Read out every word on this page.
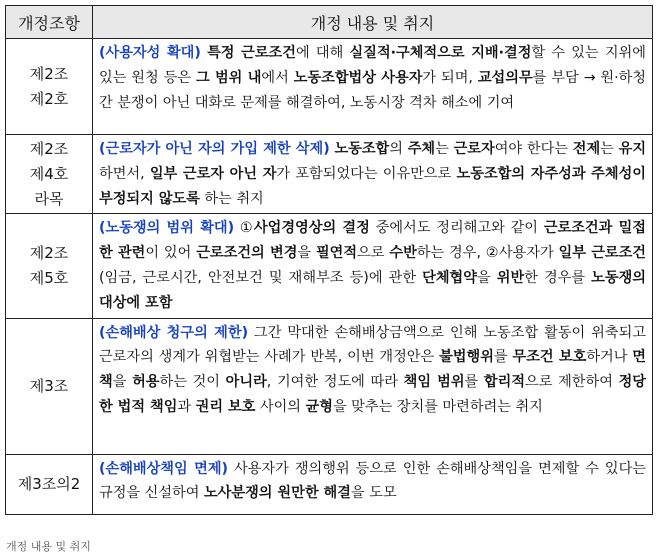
개정조항	개정 내용 및 취지

제2조
제2호	(사용자성 확대) 특정 근로조건에 대해 실질적·구체적으로 지배·결정할 수 있는 지위에 있는 원청 등은 그 범위 내에서 노동조합법상 사용자가 되며, 교섭의무를 부담 → 원·하청 간 분쟁이 아닌 대화로 문제를 해결하여, 노동시장 격차 해소에 기여

제2조
제4호
라목	(근로자가 아닌 자의 가입 제한 삭제) 노동조합의 주체는 근로자여야 한다는 전제는 유지하면서, 일부 근로자 아닌 자가 포함되었다는 이유만으로 노동조합의 자주성과 주체성이 부정되지 않도록 하는 취지

제2조
제5호	(노동쟁의 범위 확대) ①사업경영상의 결정 중에서도 정리해고와 같이 근로조건과 밀접한 관련이 있어 근로조건의 변경을 필연적으로 수반하는 경우, ②사용자가 일부 근로조건(임금, 근로시간, 안전보건 및 재해부조 등)에 관한 단체협약을 위반한 경우를 노동쟁의 대상에 포함

제3조	(손해배상 청구의 제한) 그간 막대한 손해배상금액으로 인해 노동조합 활동이 위축되고 근로자의 생계가 위협받는 사례가 반복, 이번 개정안은 불법행위를 무조건 보호하거나 면책을 허용하는 것이 아니라, 기여한 정도에 따라 책임 범위를 합리적으로 제한하여 정당한 법적 책임과 권리 보호 사이의 균형을 맞추는 장치를 마련하려는 취지

제3조의2	(손해배상책임 면제) 사용자가 쟁의행위 등으로 인한 손해배상책임을 면제할 수 있다는 규정을 신설하여 노사분쟁의 원만한 해결을 도모
개정 내용 및 취지
